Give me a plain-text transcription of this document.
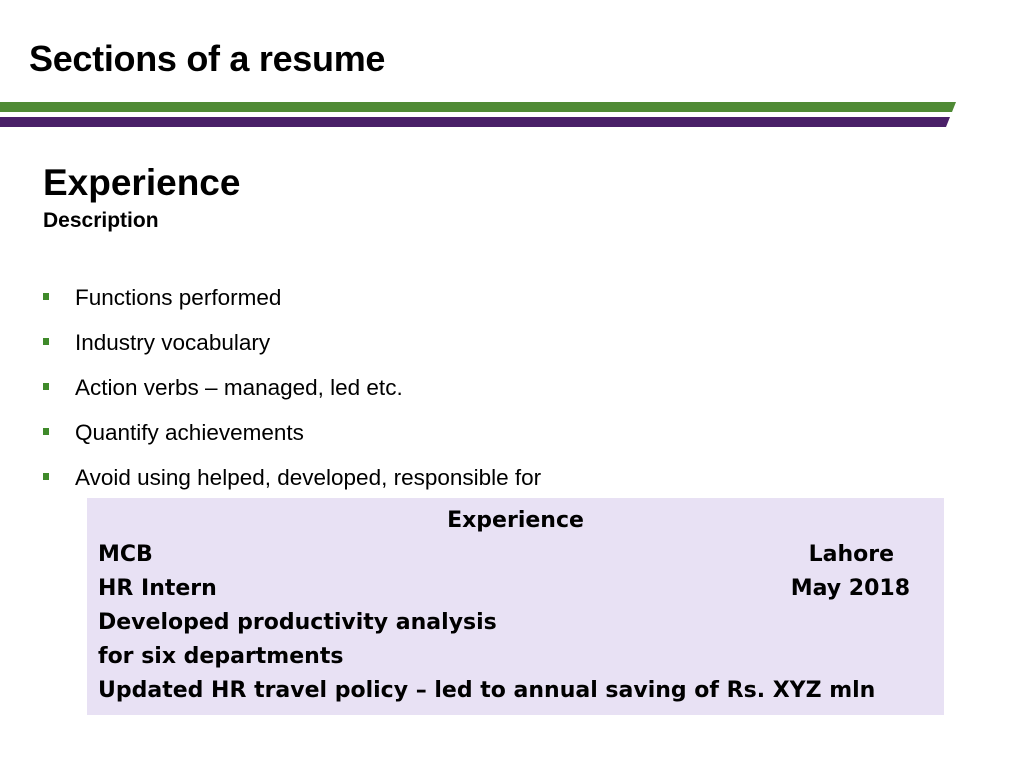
Sections of a resume
Experience
Description
Functions performed
Industry vocabulary
Action verbs – managed, led etc.
Quantify achievements
Avoid using helped, developed, responsible for
Experience
MCB	Lahore
HR Intern	May 2018
Developed productivity analysis
for six departments
Updated HR travel policy – led to annual saving of Rs. XYZ mln
